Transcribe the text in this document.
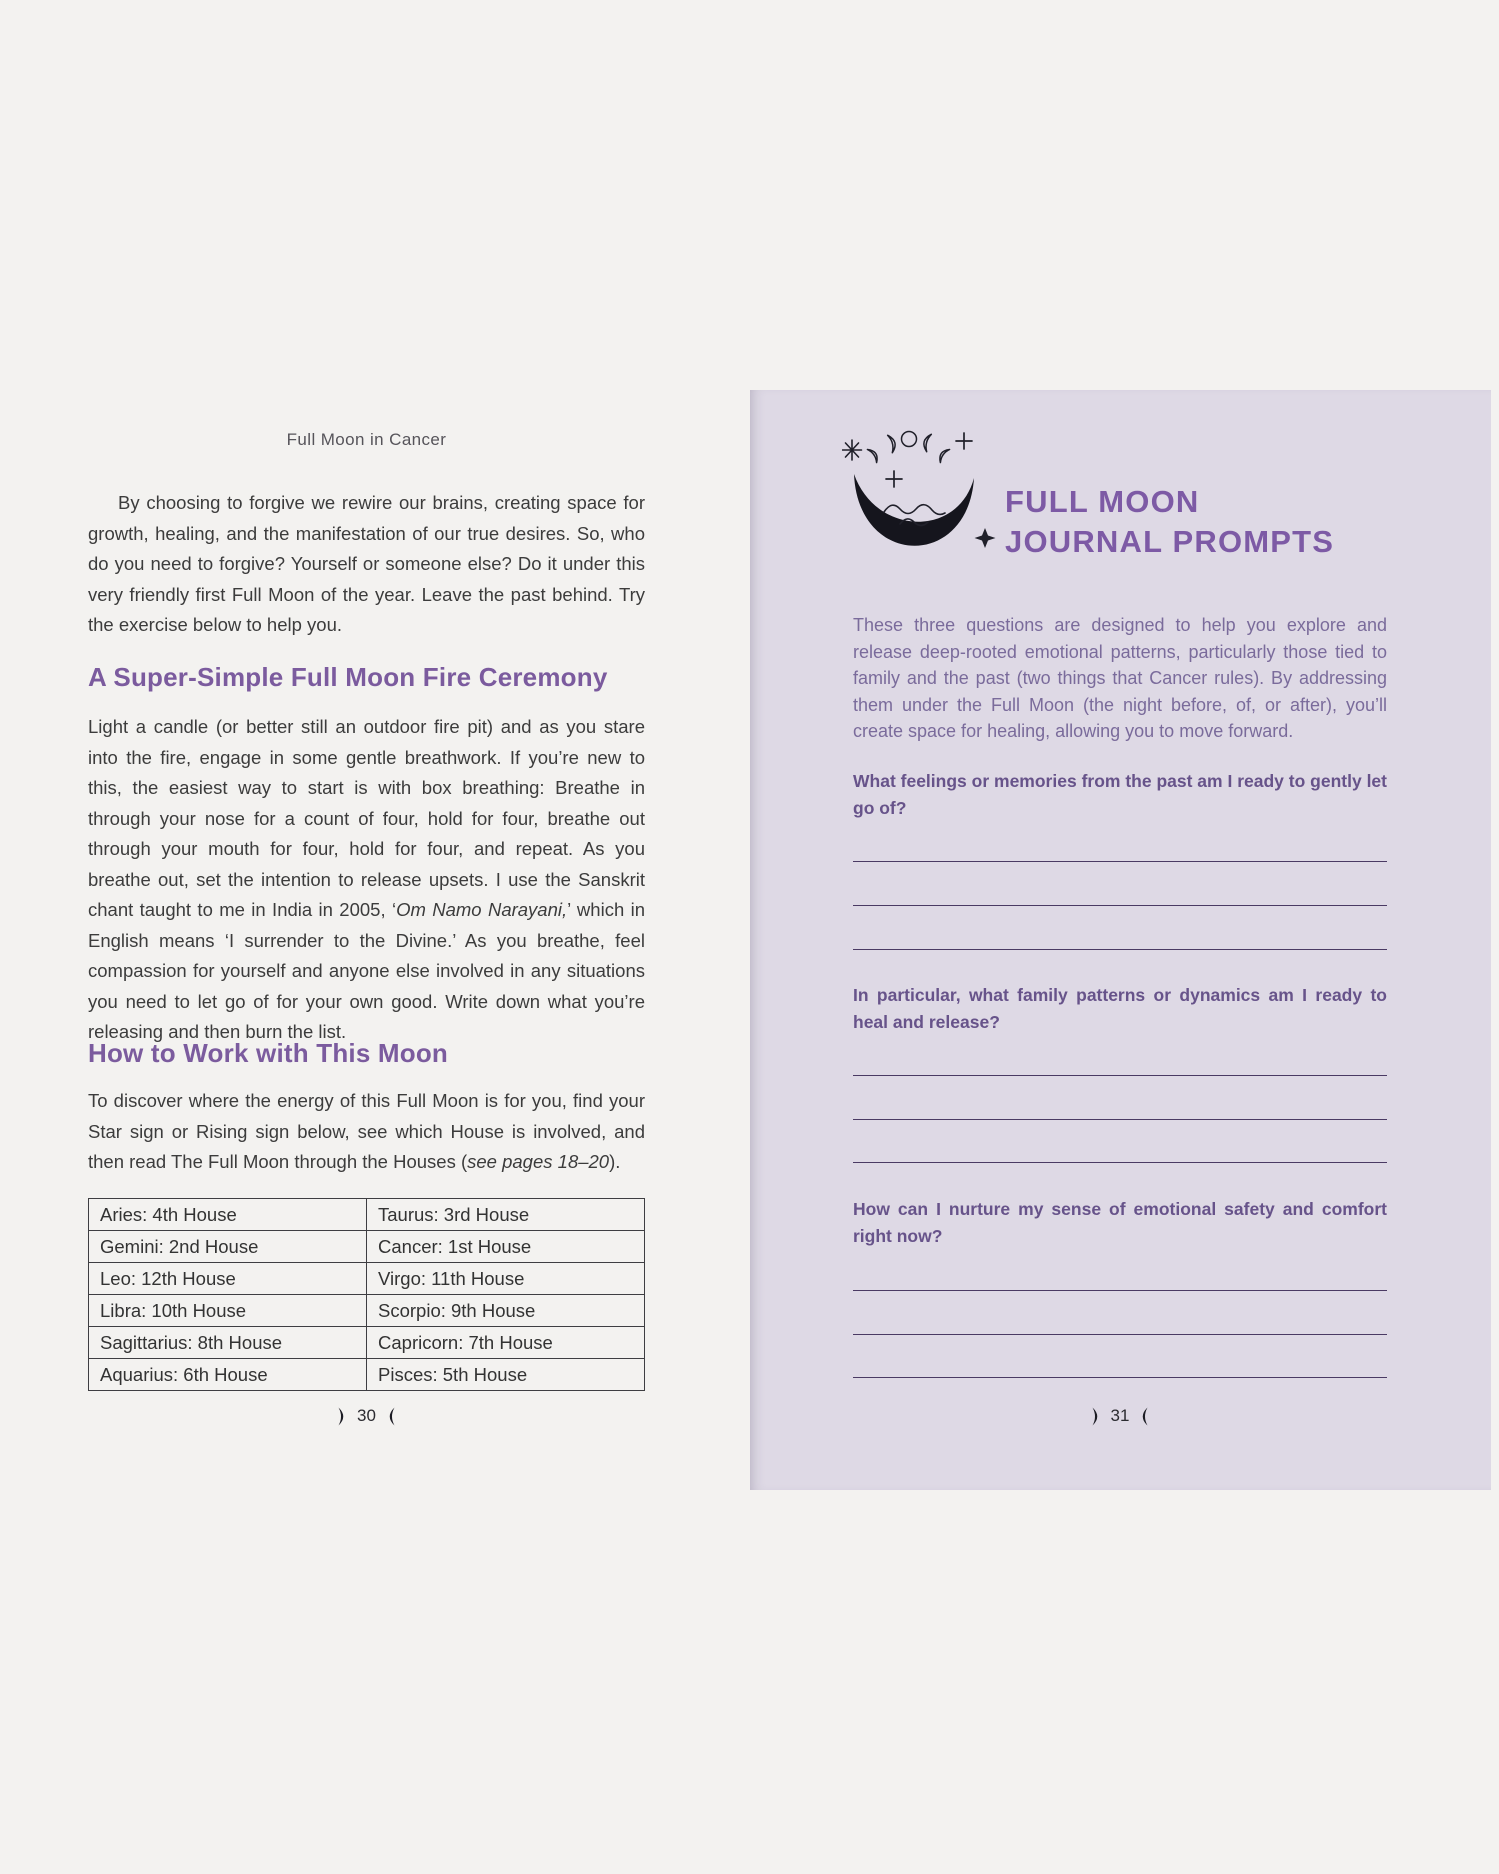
Full Moon in Cancer

By choosing to forgive we rewire our brains, creating space for growth, healing, and the manifestation of our true desires. So, who do you need to forgive? Yourself or someone else? Do it under this very friendly first Full Moon of the year. Leave the past behind. Try the exercise below to help you.

A Super-Simple Full Moon Fire Ceremony

Light a candle (or better still an outdoor fire pit) and as you stare into the fire, engage in some gentle breathwork. If you’re new to this, the easiest way to start is with box breathing: Breathe in through your nose for a count of four, hold for four, breathe out through your mouth for four, hold for four, and repeat. As you breathe out, set the intention to release upsets. I use the Sanskrit chant taught to me in India in 2005, ‘Om Namo Narayani,’ which in English means ‘I surrender to the Divine.’ As you breathe, feel compassion for yourself and anyone else involved in any situations you need to let go of for your own good. Write down what you’re releasing and then burn the list.

How to Work with This Moon

To discover where the energy of this Full Moon is for you, find your Star sign or Rising sign below, see which House is involved, and then read The Full Moon through the Houses (see pages 18–20).

Aries: 4th House	Taurus: 3rd House
Gemini: 2nd House	Cancer: 1st House
Leo: 12th House	Virgo: 11th House
Libra: 10th House	Scorpio: 9th House
Sagittarius: 8th House	Capricorn: 7th House
Aquarius: 6th House	Pisces: 5th House
30
FULL MOON
JOURNAL PROMPTS

These three questions are designed to help you explore and release deep-rooted emotional patterns, particularly those tied to family and the past (two things that Cancer rules). By addressing them under the Full Moon (the night before, of, or after), you’ll create space for healing, allowing you to move forward.

What feelings or memories from the past am I ready to gently let go of?
In particular, what family patterns or dynamics am I ready to heal and release?
How can I nurture my sense of emotional safety and comfort right now?
31
